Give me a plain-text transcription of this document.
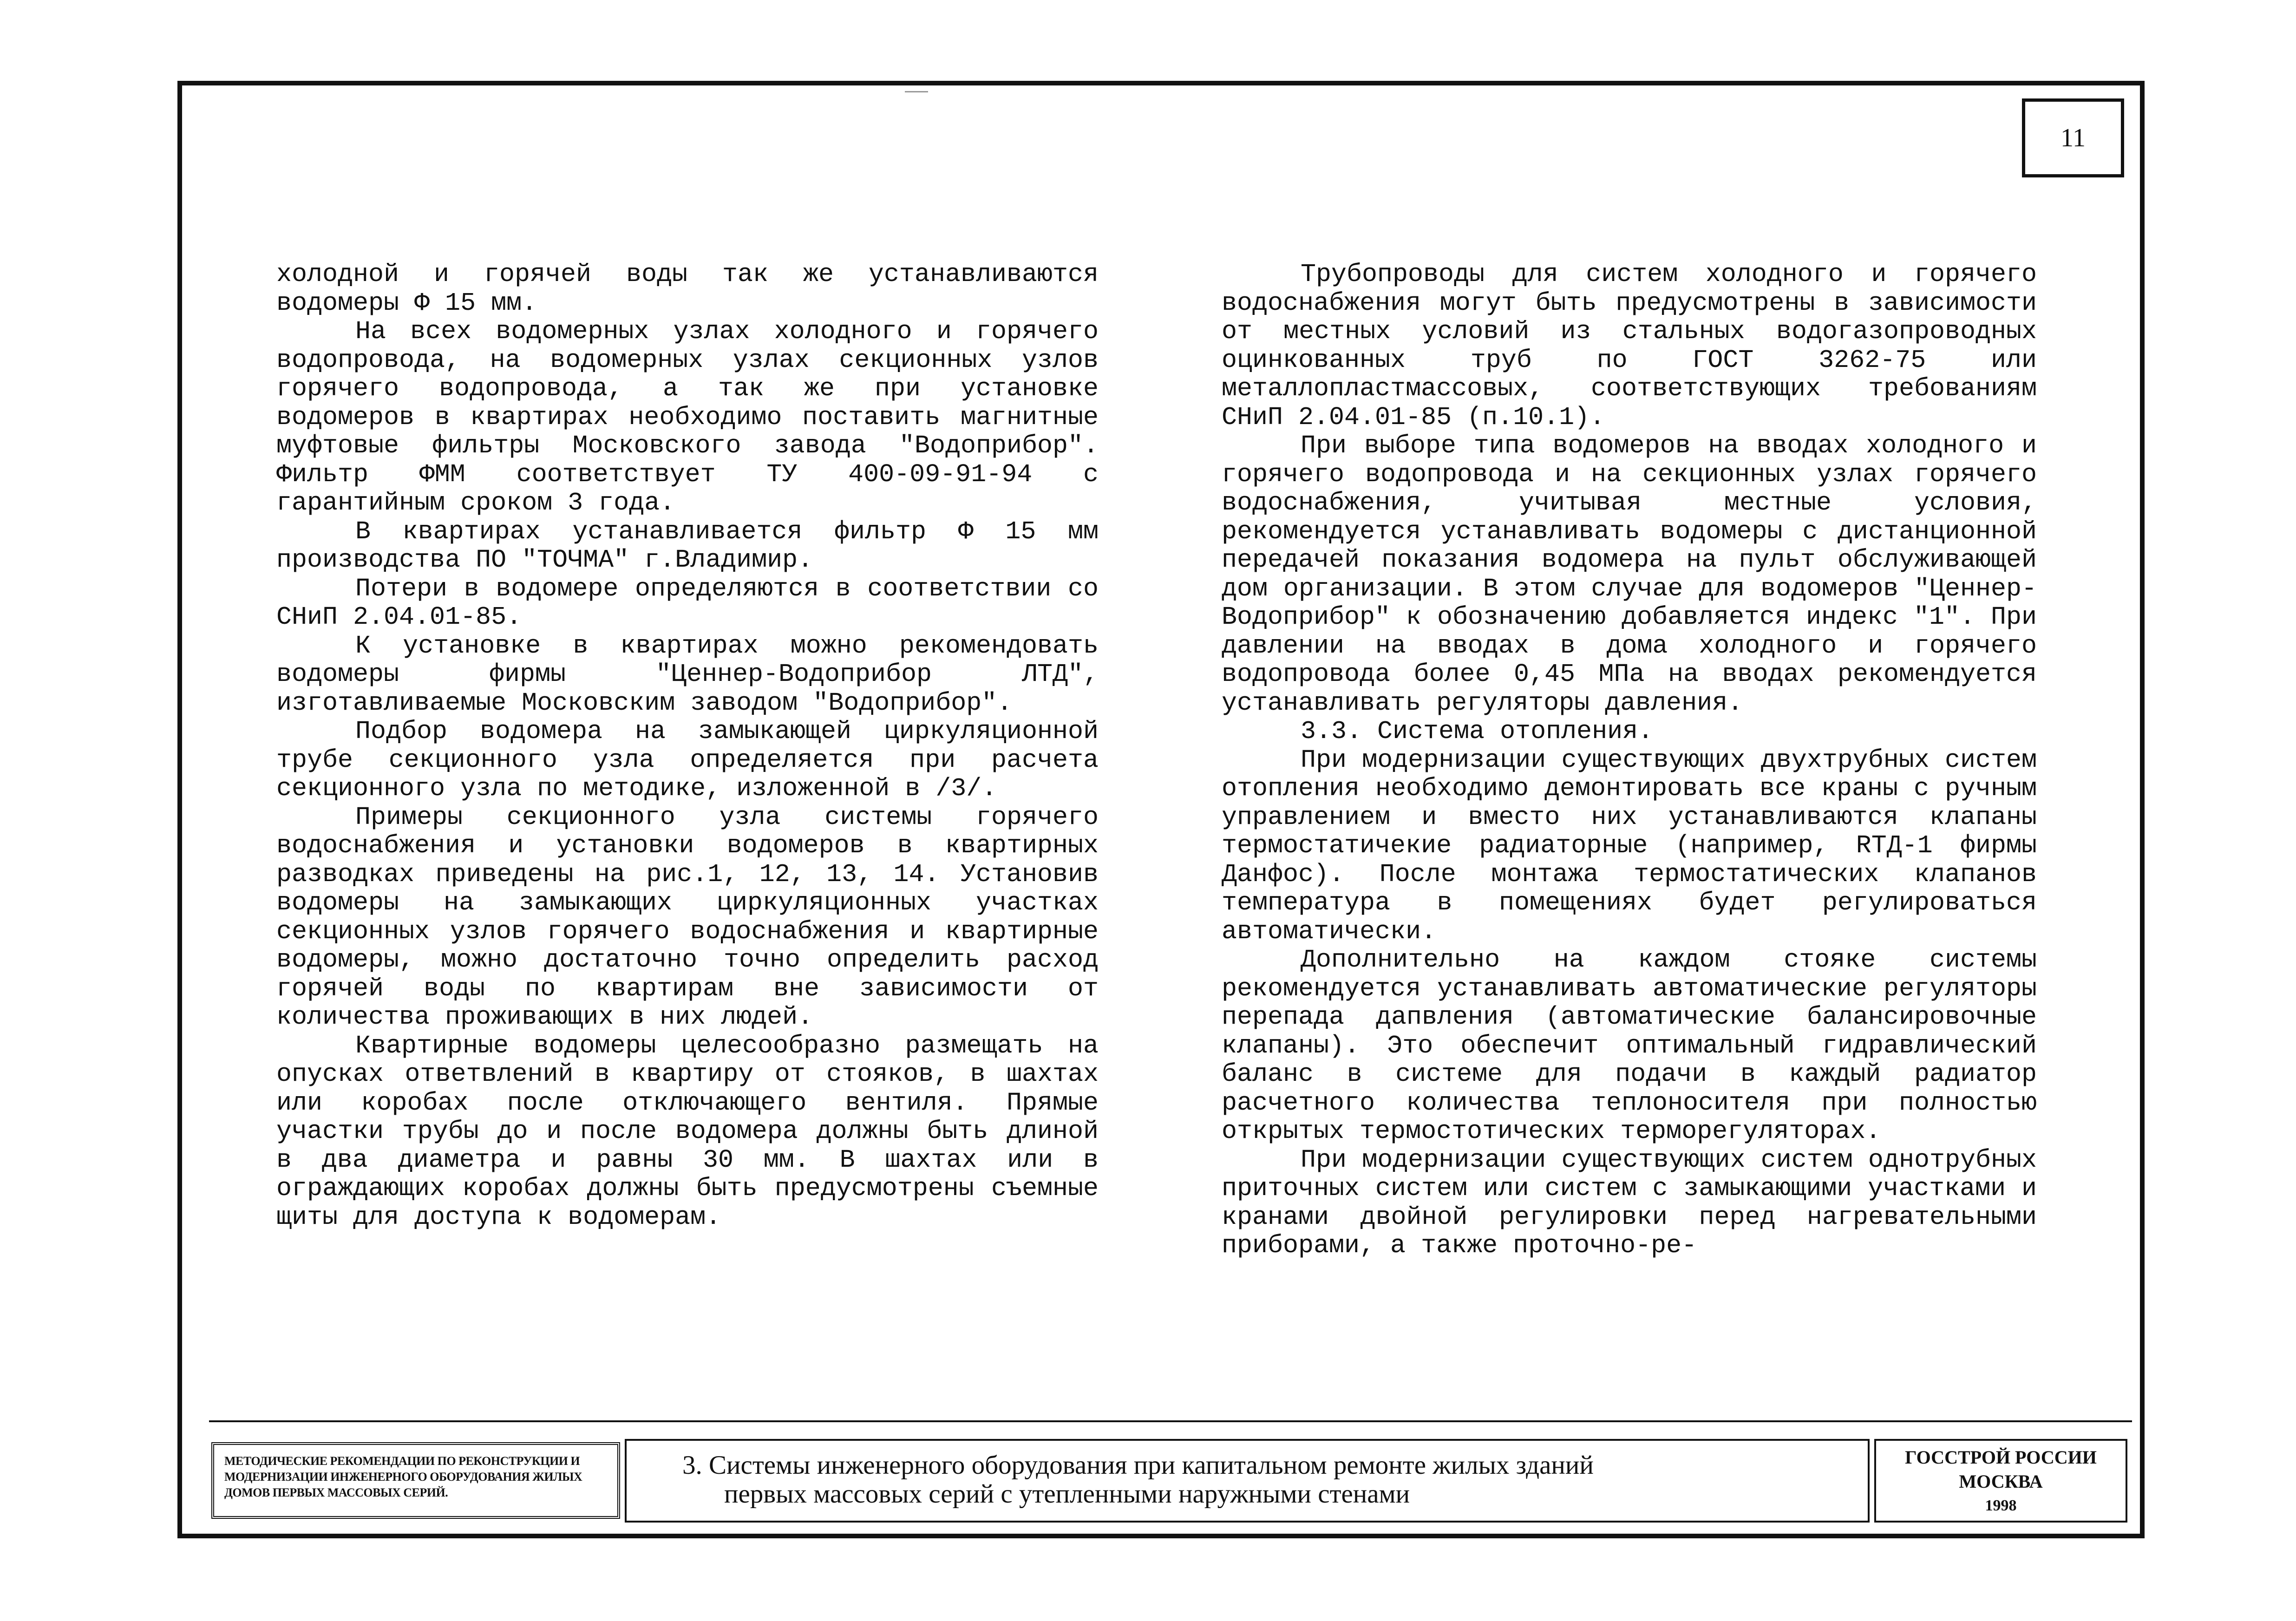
11

холодной и горячей воды так же устанавливаются водомеры Ф 15 мм.

На всех водомерных узлах холодного и горячего водопровода, на водомерных узлах секционных узлов горячего водопровода, а так же при установке водомеров в квартирах необходимо поставить магнитные муфтовые фильтры Московского завода "Водоприбор". Фильтр ФММ соответствует ТУ 400-09-91-94 с гарантийным сроком 3 года.

В квартирах устанавливается фильтр Ф 15 мм производства ПО "ТОЧМА" г.Владимир.

Потери в водомере определяются в соответствии со СНиП 2.04.01-85.

К установке в квартирах можно рекомендовать водомеры фирмы "Ценнер-Водоприбор ЛТД", изготавливаемые Московским заводом "Водоприбор".

Подбор водомера на замыкающей циркуляционной трубе секционного узла определяется при расчета секционного узла по методике, изложенной в /3/.

Примеры секционного узла системы горячего водоснабжения и установки водомеров в квартирных разводках приведены на рис.1, 12, 13, 14. Установив водомеры на замыкающих циркуляционных участках секционных узлов горячего водоснабжения и квартирные водомеры, можно достаточно точно определить расход горячей воды по квартирам вне зависимости от количества проживающих в них людей.

Квартирные водомеры целесообразно размещать на опусках ответвлений в квартиру от стояков, в шахтах или коробах после отключающего вентиля. Прямые участки трубы до и после водомера должны быть длиной в два диаметра и равны 30 мм. В шахтах или в ограждающих коробах должны быть предусмотрены съемные щиты для доступа к водомерам.

Трубопроводы для систем холодного и горячего водоснабжения могут быть предусмотрены в зависимости от местных условий из стальных водогазопроводных оцинкованных труб по ГОСТ 3262-75 или металлопластмассовых, соответствующих требованиям СНиП 2.04.01-85 (п.10.1).

При выборе типа водомеров на вводах холодного и горячего водопровода и на секционных узлах горячего водоснабжения, учитывая местные условия, рекомендуется устанавливать водомеры с дистанционной передачей показания водомера на пульт обслуживающей дом организации. В этом случае для водомеров "Ценнер-Водоприбор" к обозначению добавляется индекс "1". При давлении на вводах в дома холодного и горячего водопровода более 0,45 МПа на вводах рекомендуется устанавливать регуляторы давления.

3.3. Система отопления.

При модернизации существующих двухтрубных систем отопления необходимо демонтировать все краны с ручным управлением и вместо них устанавливаются клапаны термостатичекие радиаторные (например, RТД-1 фирмы Данфос). После монтажа термостатических клапанов температура в помещениях будет регулироваться автоматически.

Дополнительно на каждом стояке системы рекомендуется устанавливать автоматические регуляторы перепада дапвления (автоматические балансировочные клапаны). Это обеспечит оптимальный гидравлический баланс в системе для подачи в каждый радиатор расчетного количества теплоносителя при полностью открытых термостотических терморегуляторах.

При модернизации существующих систем однотрубных приточных систем или систем с замыкающими участками и кранами двойной регулировки перед нагревательными приборами, а также проточно-ре-

МЕТОДИЧЕСКИЕ РЕКОМЕНДАЦИИ ПО РЕКОНСТРУКЦИИ И МОДЕРНИЗАЦИИ ИНЖЕНЕРНОГО ОБОРУДОВАНИЯ ЖИЛЫХ ДОМОВ ПЕРВЫХ МАССОВЫХ СЕРИЙ.
3. Системы инженерного оборудования при капитальном ремонте жилых зданий
первых массовых серий с утепленными наружными стенами
ГОССТРОЙ РОССИИ
МОСКВА
1998
